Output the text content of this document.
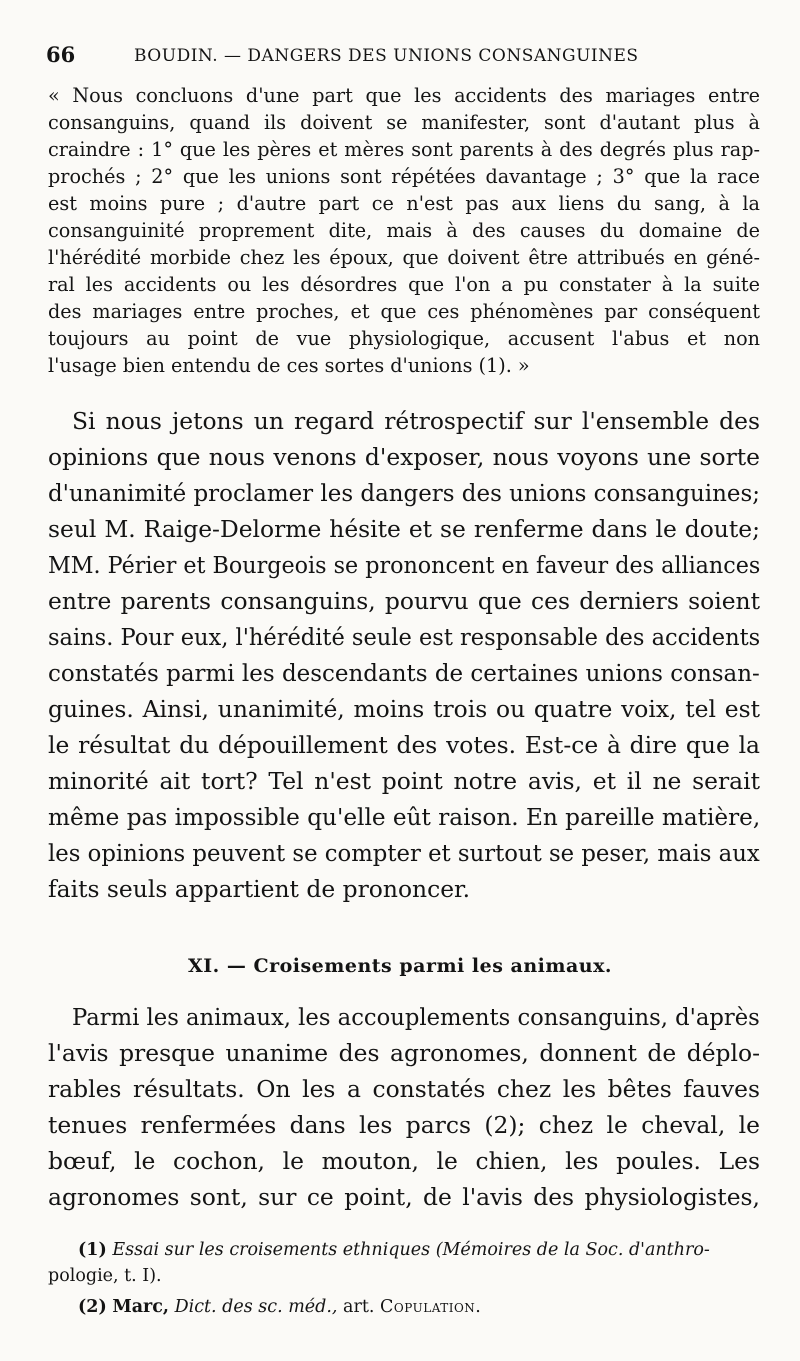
66	BOUDIN. — DANGERS DES UNIONS CONSANGUINES
« Nous concluons d'une part que les accidents des mariages entre
consanguins, quand ils doivent se manifester, sont d'autant plus à
craindre : 1° que les pères et mères sont parents à des degrés plus rap-
prochés ; 2° que les unions sont répétées davantage ; 3° que la race
est moins pure ; d'autre part ce n'est pas aux liens du sang, à la
consanguinité proprement dite, mais à des causes du domaine de
l'hérédité morbide chez les époux, que doivent être attribués en géné-
ral les accidents ou les désordres que l'on a pu constater à la suite
des mariages entre proches, et que ces phénomènes par conséquent
toujours au point de vue physiologique, accusent l'abus et non
l'usage bien entendu de ces sortes d'unions (1). »
Si nous jetons un regard rétrospectif sur l'ensemble des
opinions que nous venons d'exposer, nous voyons une sorte
d'unanimité proclamer les dangers des unions consanguines;
seul M. Raige-Delorme hésite et se renferme dans le doute;
MM. Périer et Bourgeois se prononcent en faveur des alliances
entre parents consanguins, pourvu que ces derniers soient
sains. Pour eux, l'hérédité seule est responsable des accidents
constatés parmi les descendants de certaines unions consan-
guines. Ainsi, unanimité, moins trois ou quatre voix, tel est
le résultat du dépouillement des votes. Est-ce à dire que la
minorité ait tort? Tel n'est point notre avis, et il ne serait
même pas impossible qu'elle eût raison. En pareille matière,
les opinions peuvent se compter et surtout se peser, mais aux
faits seuls appartient de prononcer.
XI. — Croisements parmi les animaux.
Parmi les animaux, les accouplements consanguins, d'après
l'avis presque unanime des agronomes, donnent de déplo-
rables résultats. On les a constatés chez les bêtes fauves
tenues renfermées dans les parcs (2); chez le cheval, le
bœuf, le cochon, le mouton, le chien, les poules. Les
agronomes sont, sur ce point, de l'avis des physiologistes,
(1) Essai sur les croisements ethniques (Mémoires de la Soc. d'anthro-
pologie, t. I).
(2) Marc, Dict. des sc. méd., art. Copulation.
